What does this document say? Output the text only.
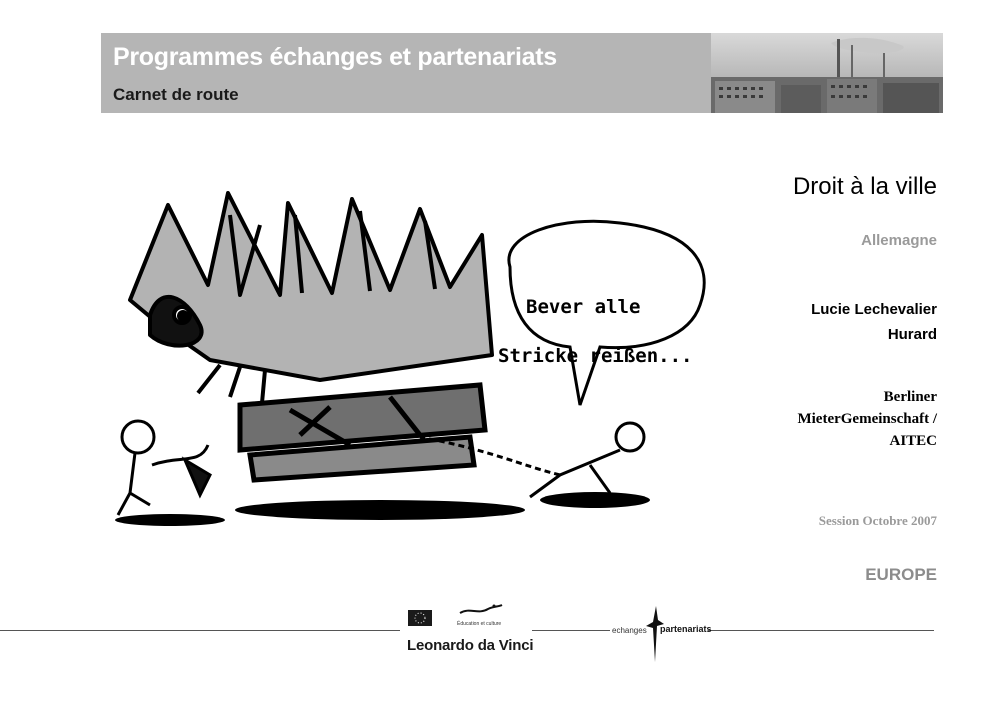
Programmes échanges et partenariats
Carnet de route
Bever alle
Stricke reißen...
Droit à la ville
Allemagne
Lucie Lechevalier
Hurard
Berliner
MieterGemeinschaft /
AITEC
Session Octobre 2007
EUROPE
Éducation et culture
Leonardo da Vinci
echanges partenariats
